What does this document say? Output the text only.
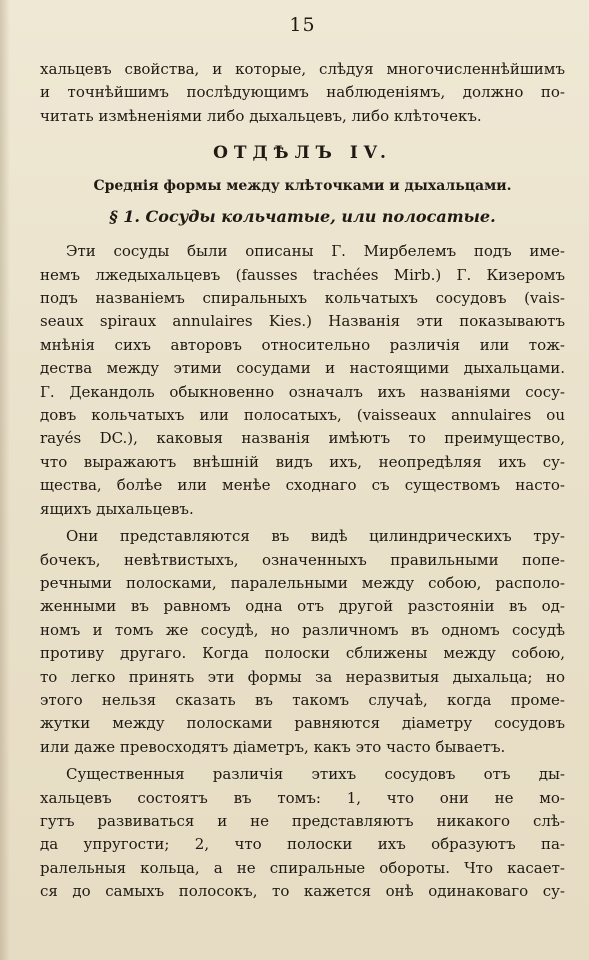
15
хальцевъ свойства, и которые, слѣдуя многочисленнѣйшимъ
и точнѣйшимъ послѣдующимъ наблюденіямъ, должно по-
читать измѣненіями либо дыхальцевъ, либо клѣточекъ.
ОТДѢЛЪ IV.
Среднія формы между клѣточками и дыхальцами.
§ 1. Сосуды кольчатые, или полосатые.
Эти сосуды были описаны Г. Мирбелемъ подъ име-
немъ лжедыхальцевъ (fausses trachées Mirb.) Г. Кизеромъ
подъ названіемъ спиральныхъ кольчатыхъ сосудовъ (vais-
seaux spiraux annulaires Kies.) Названія эти показываютъ
мнѣнія сихъ авторовъ относительно различія или тож-
дества между этими сосудами и настоящими дыхальцами.
Г. Декандоль обыкновенно означалъ ихъ названіями сосу-
довъ кольчатыхъ или полосатыхъ, (vaisseaux annulaires ou
rayés DC.), каковыя названія имѣютъ то преимущество,
что выражаютъ внѣшній видъ ихъ, неопредѣляя ихъ су-
щества, болѣе или менѣе сходнаго съ существомъ насто-
ящихъ дыхальцевъ.
Они представляются въ видѣ цилиндрическихъ тру-
бочекъ, невѣтвистыхъ, означенныхъ правильными попе-
речными полосками, паралельными между собою, располо-
женными въ равномъ одна отъ другой разстояніи въ од-
номъ и томъ же сосудѣ, но различномъ въ одномъ сосудѣ
противу другаго. Когда полоски сближены между собою,
то легко принять эти формы за неразвитыя дыхальца; но
этого нельзя сказать въ такомъ случаѣ, когда проме-
жутки между полосками равняются діаметру сосудовъ
или даже превосходятъ діаметръ, какъ это часто бываетъ.
Существенныя различія этихъ сосудовъ отъ ды-
хальцевъ состоятъ въ томъ: 1, что они не мо-
гутъ развиваться и не представляютъ никакого слѣ-
да упругости; 2, что полоски ихъ образуютъ па-
ралельныя кольца, а не спиральные обороты. Что касает-
ся до самыхъ полосокъ, то кажется онѣ одинаковаго су-
